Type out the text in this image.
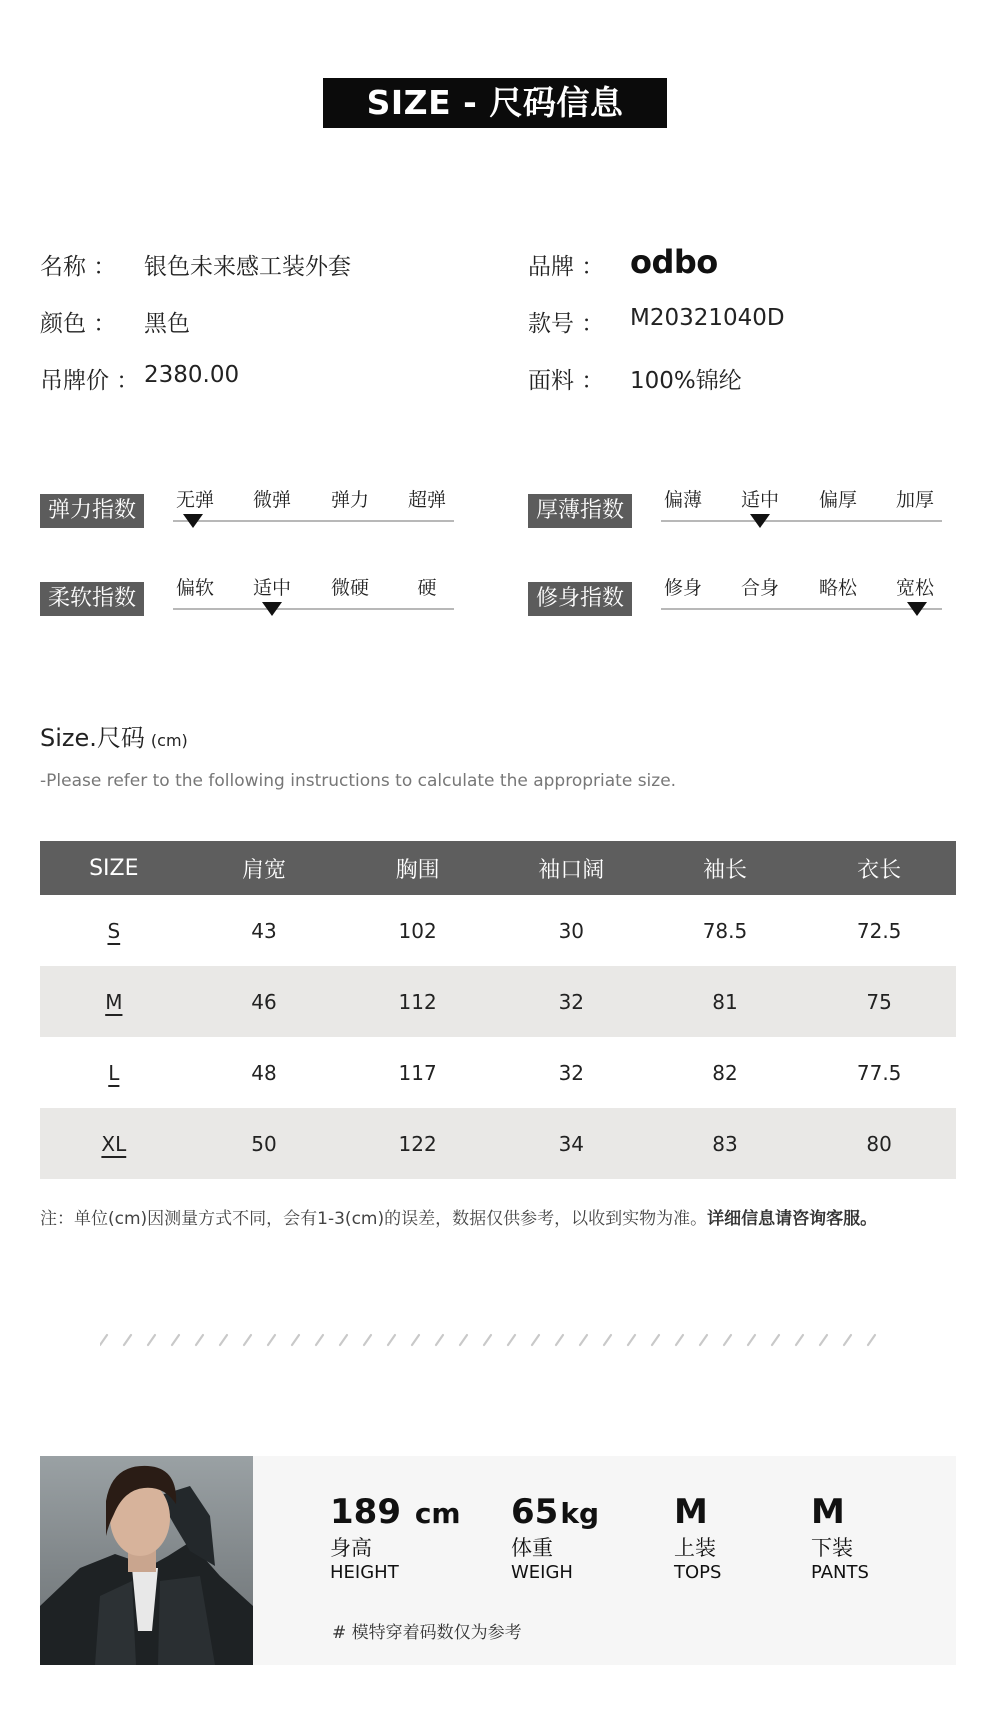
SIZE - 尺码信息
名称 ： 银色未来感工装外套
颜色 ： 黑色
吊牌价 ： 2380.00
品牌 ： odbo
款号 ： M20321040D
面料 ： 100%锦纶
弹力指数	无弹	微弹	弹力	超弹	厚薄指数	偏薄	适中	偏厚	加厚
柔软指数	偏软	适中	微硬	硬	修身指数	修身	合身	略松	宽松
Size.尺码 (cm)
-Please refer to the following instructions to calculate the appropriate size.
SIZE	肩宽	胸围	袖口阔	袖长	衣长
S	43	102	30	78.5	72.5
M	46	112	32	81	75
L	48	117	32	82	77.5
XL	50	122	34	83	80
注：单位(cm)因测量方式不同，会有1-3(cm)的误差，数据仅供参考，以收到实物为准。详细信息请咨询客服。
189 cm
身高
HEIGHT
65kg
体重
WEIGH
M
上装
TOPS
M
下装
PANTS
# 模特穿着码数仅为参考
